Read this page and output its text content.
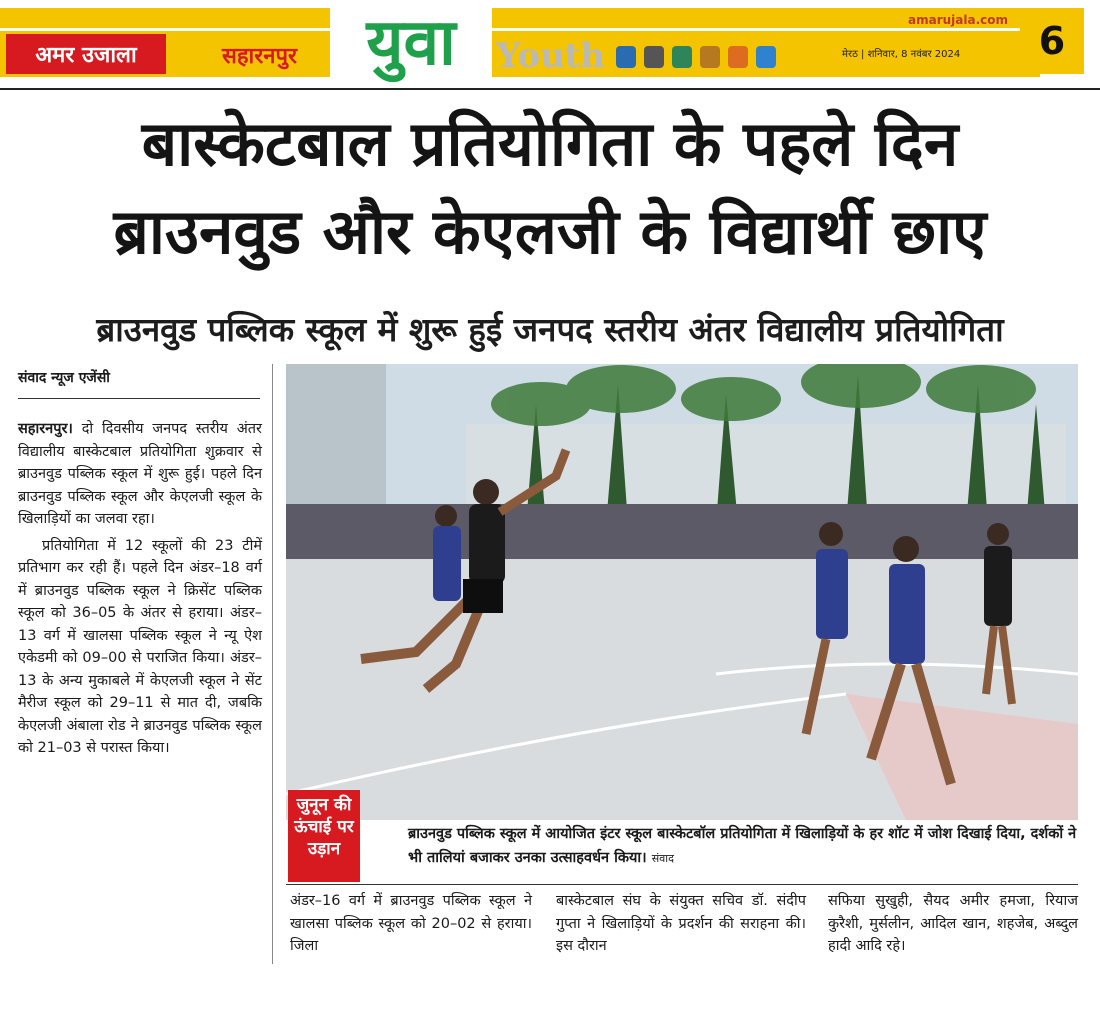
अमर उजाला	सहारनपुर	युवा	Youth
amarujala.com
मेरठ | शनिवार, 8 नवंबर 2024	6
बास्केटबाल प्रतियोगिता के पहले दिन
ब्राउनवुड और केएलजी के विद्यार्थी छाए
ब्राउनवुड पब्लिक स्कूल में शुरू हुई जनपद स्तरीय अंतर विद्यालीय प्रतियोगिता
संवाद न्यूज एजेंसी

सहारनपुर। दो दिवसीय जनपद स्तरीय अंतर विद्यालीय बास्केटबाल प्रतियोगिता शुक्रवार से ब्राउनवुड पब्लिक स्कूल में शुरू हुई। पहले दिन ब्राउनवुड पब्लिक स्कूल और केएलजी स्कूल के खिलाड़ियों का जलवा रहा।

प्रतियोगिता में 12 स्कूलों की 23 टीमें प्रतिभाग कर रही हैं। पहले दिन अंडर–18 वर्ग में ब्राउनवुड पब्लिक स्कूल ने क्रिसेंट पब्लिक स्कूल को 36–05 के अंतर से हराया। अंडर–13 वर्ग में खालसा पब्लिक स्कूल ने न्यू ऐश एकेडमी को 09–00 से पराजित किया। अंडर–13 के अन्य मुकाबले में केएलजी स्कूल ने सेंट मैरीज स्कूल को 29–11 से मात दी, जबकि केएलजी अंबाला रोड ने ब्राउनवुड पब्लिक स्कूल को 21–03 से परास्त किया।

जुनून की ऊंचाई पर उड़ान
ब्राउनवुड पब्लिक स्कूल में आयोजित इंटर स्कूल बास्केटबॉल प्रतियोगिता में खिलाड़ियों के हर शॉट में जोश दिखाई दिया, दर्शकों ने भी तालियां बजाकर उनका उत्साहवर्धन किया। संवाद
अंडर–16 वर्ग में ब्राउनवुड पब्लिक स्कूल ने खालसा पब्लिक स्कूल को 20–02 से हराया। जिला
बास्केटबाल संघ के संयुक्त सचिव डॉ. संदीप गुप्ता ने खिलाड़ियों के प्रदर्शन की सराहना की। इस दौरान
सफिया सुखुही, सैयद अमीर हमजा, रियाज कुरैशी, मुर्सलीन, आदिल खान, शहजेब, अब्दुल हादी आदि रहे।
